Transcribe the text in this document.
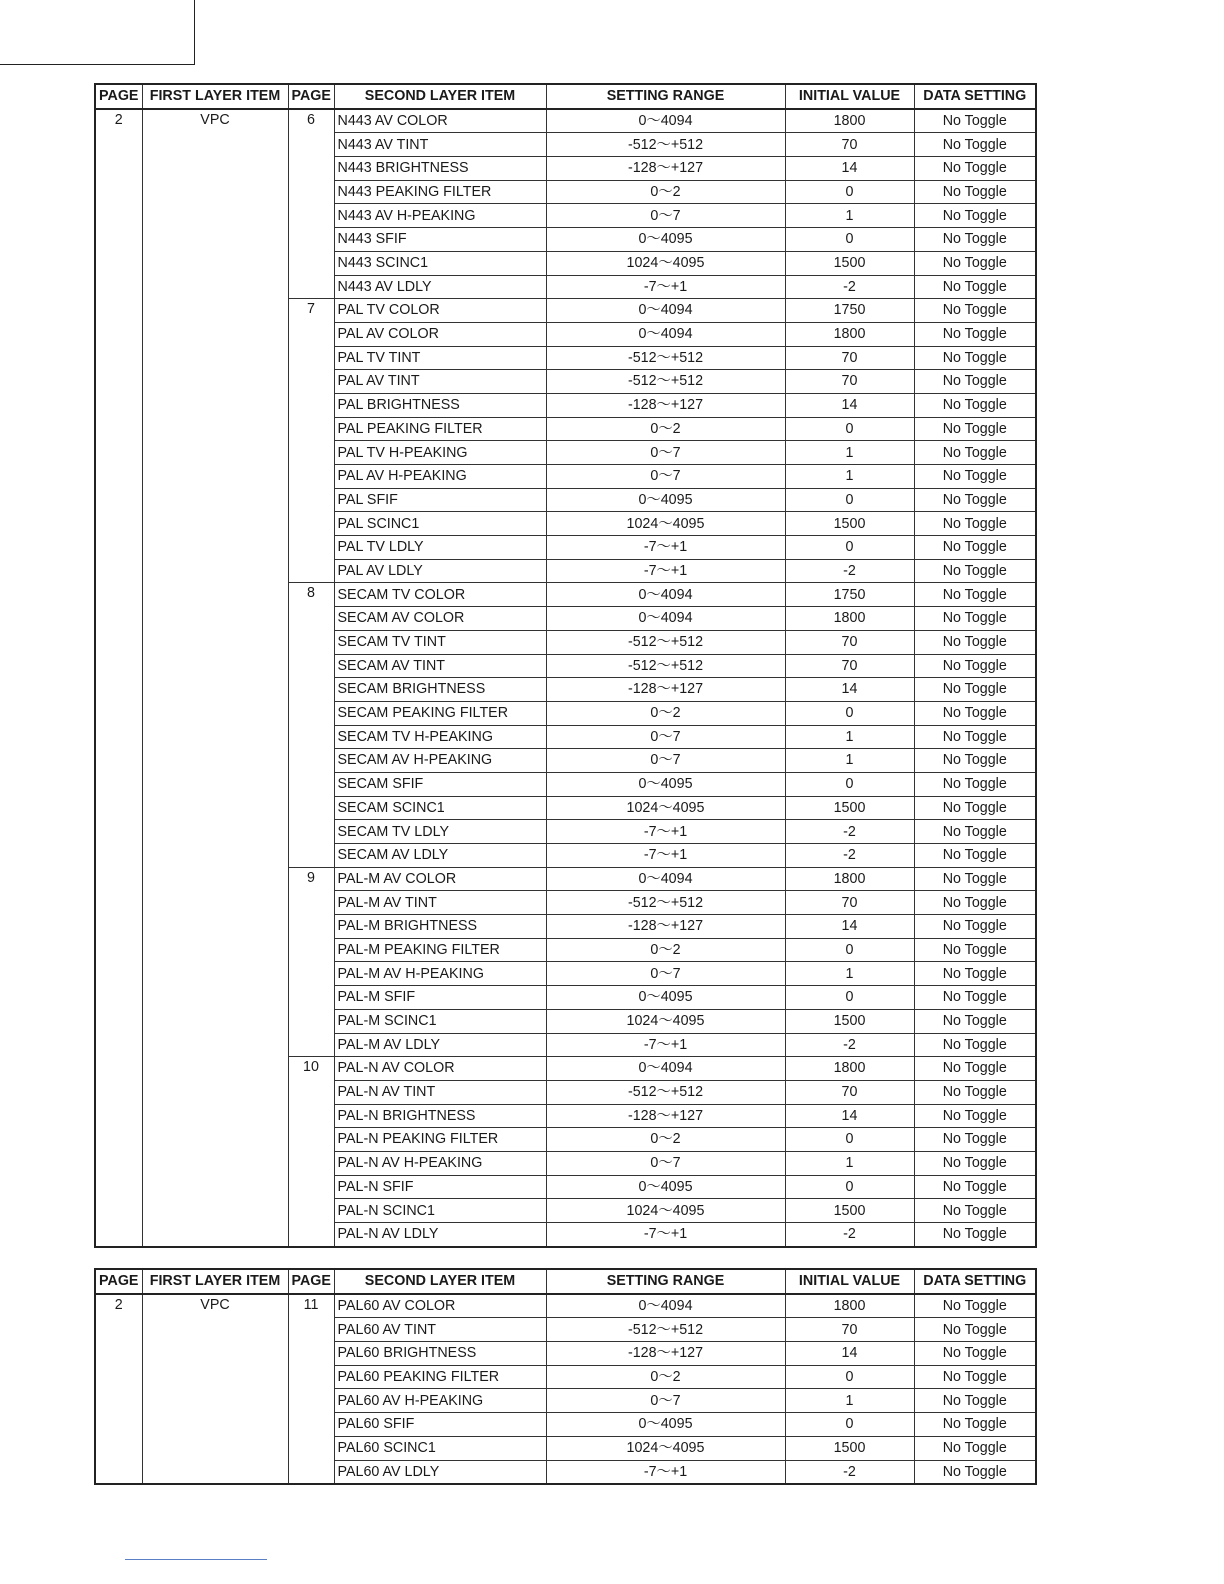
PAGE	FIRST LAYER ITEM	PAGE	SECOND LAYER ITEM	SETTING RANGE	INITIAL VALUE	DATA SETTING
2	VPC	6	N443 AV COLOR	0～4094	1800	No Toggle
			N443 AV TINT	-512～+512	70	No Toggle
			N443 BRIGHTNESS	-128～+127	14	No Toggle
			N443 PEAKING FILTER	0～2	0	No Toggle
			N443 AV H-PEAKING	0～7	1	No Toggle
			N443 SFIF	0～4095	0	No Toggle
			N443 SCINC1	1024～4095	1500	No Toggle
			N443 AV LDLY	-7～+1	-2	No Toggle
		7	PAL TV COLOR	0～4094	1750	No Toggle
			PAL AV COLOR	0～4094	1800	No Toggle
			PAL TV TINT	-512～+512	70	No Toggle
			PAL AV TINT	-512～+512	70	No Toggle
			PAL BRIGHTNESS	-128～+127	14	No Toggle
			PAL PEAKING FILTER	0～2	0	No Toggle
			PAL TV H-PEAKING	0～7	1	No Toggle
			PAL AV H-PEAKING	0～7	1	No Toggle
			PAL SFIF	0～4095	0	No Toggle
			PAL SCINC1	1024～4095	1500	No Toggle
			PAL TV LDLY	-7～+1	0	No Toggle
			PAL AV LDLY	-7～+1	-2	No Toggle
		8	SECAM TV COLOR	0～4094	1750	No Toggle
			SECAM AV COLOR	0～4094	1800	No Toggle
			SECAM TV TINT	-512～+512	70	No Toggle
			SECAM AV TINT	-512～+512	70	No Toggle
			SECAM BRIGHTNESS	-128～+127	14	No Toggle
			SECAM PEAKING FILTER	0～2	0	No Toggle
			SECAM TV H-PEAKING	0～7	1	No Toggle
			SECAM AV H-PEAKING	0～7	1	No Toggle
			SECAM SFIF	0～4095	0	No Toggle
			SECAM SCINC1	1024～4095	1500	No Toggle
			SECAM TV LDLY	-7～+1	-2	No Toggle
			SECAM AV LDLY	-7～+1	-2	No Toggle
		9	PAL-M AV COLOR	0～4094	1800	No Toggle
			PAL-M AV TINT	-512～+512	70	No Toggle
			PAL-M BRIGHTNESS	-128～+127	14	No Toggle
			PAL-M PEAKING FILTER	0～2	0	No Toggle
			PAL-M AV H-PEAKING	0～7	1	No Toggle
			PAL-M SFIF	0～4095	0	No Toggle
			PAL-M SCINC1	1024～4095	1500	No Toggle
			PAL-M AV LDLY	-7～+1	-2	No Toggle
		10	PAL-N AV COLOR	0～4094	1800	No Toggle
			PAL-N AV TINT	-512～+512	70	No Toggle
			PAL-N BRIGHTNESS	-128～+127	14	No Toggle
			PAL-N PEAKING FILTER	0～2	0	No Toggle
			PAL-N AV H-PEAKING	0～7	1	No Toggle
			PAL-N SFIF	0～4095	0	No Toggle
			PAL-N SCINC1	1024～4095	1500	No Toggle
			PAL-N AV LDLY	-7～+1	-2	No Toggle
PAGE	FIRST LAYER ITEM	PAGE	SECOND LAYER ITEM	SETTING RANGE	INITIAL VALUE	DATA SETTING
2	VPC	11	PAL60 AV COLOR	0～4094	1800	No Toggle
			PAL60 AV TINT	-512～+512	70	No Toggle
			PAL60 BRIGHTNESS	-128～+127	14	No Toggle
			PAL60 PEAKING FILTER	0～2	0	No Toggle
			PAL60 AV H-PEAKING	0～7	1	No Toggle
			PAL60 SFIF	0～4095	0	No Toggle
			PAL60 SCINC1	1024～4095	1500	No Toggle
			PAL60 AV LDLY	-7～+1	-2	No Toggle
